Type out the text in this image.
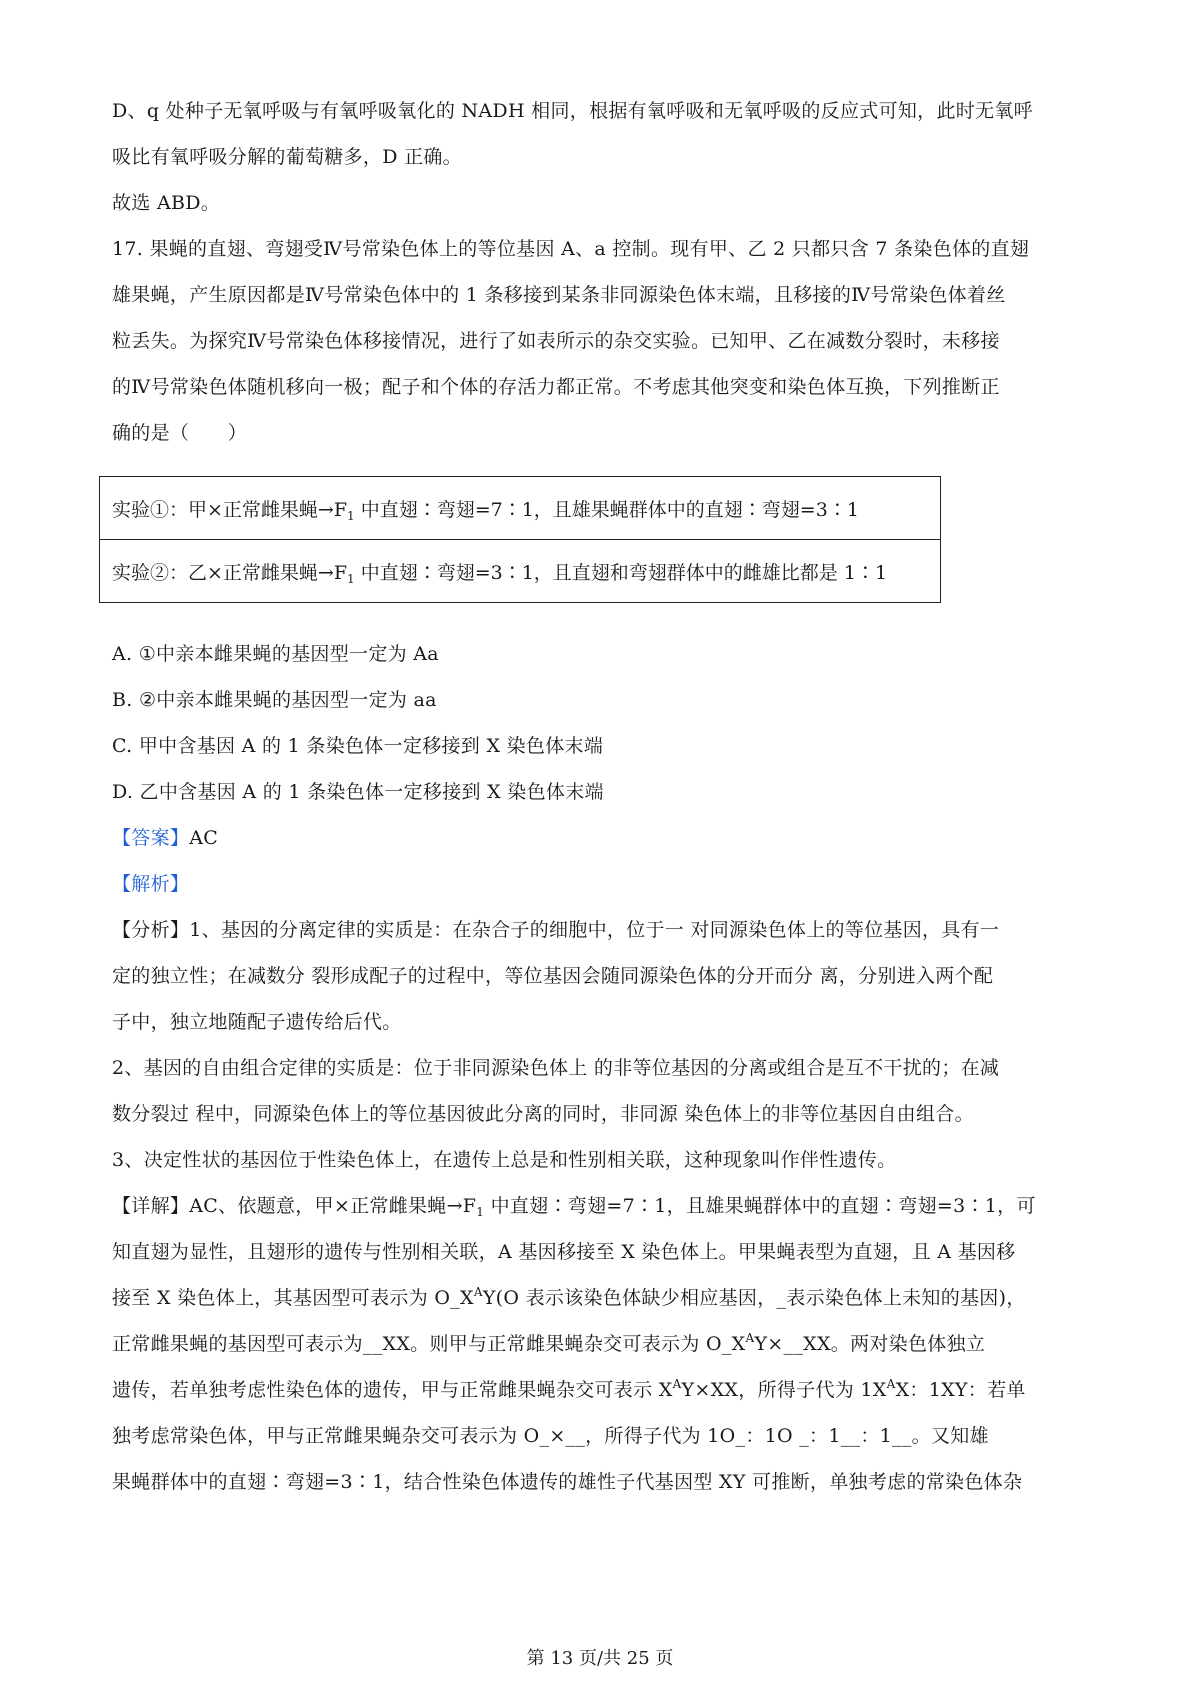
D、q 处种子无氧呼吸与有氧呼吸氧化的 NADH 相同，根据有氧呼吸和无氧呼吸的反应式可知，此时无氧呼

吸比有氧呼吸分解的葡萄糖多，D 正确。

故选 ABD。

17. 果蝇的直翅、弯翅受Ⅳ号常染色体上的等位基因 A、a 控制。现有甲、乙 2 只都只含 7 条染色体的直翅

雄果蝇，产生原因都是Ⅳ号常染色体中的 1 条移接到某条非同源染色体末端，且移接的Ⅳ号常染色体着丝

粒丢失。为探究Ⅳ号常染色体移接情况，进行了如表所示的杂交实验。已知甲、乙在减数分裂时，未移接

的Ⅳ号常染色体随机移向一极；配子和个体的存活力都正常。不考虑其他突变和染色体互换，下列推断正

确的是（　　）

实验①：甲×正常雌果蝇$\to F_1$ 中直翅∶弯翅=7∶1，且雄果蝇群体中的直翅∶弯翅=3∶1
实验②：乙×正常雌果蝇$\to F_1$ 中直翅∶弯翅=3∶1，且直翅和弯翅群体中的雌雄比都是 1∶1

A. ①中亲本雌果蝇的基因型一定为 Aa

B. ②中亲本雌果蝇的基因型一定为 aa

C. 甲中含基因 A 的 1 条染色体一定移接到 X 染色体末端

D. 乙中含基因 A 的 1 条染色体一定移接到 X 染色体末端

【答案】AC

【解析】

【分析】1、基因的分离定律的实质是：在杂合子的细胞中，位于一 对同源染色体上的等位基因，具有一

定的独立性；在减数分 裂形成配子的过程中，等位基因会随同源染色体的分开而分 离，分别进入两个配

子中，独立地随配子遗传给后代。

2、基因的自由组合定律的实质是：位于非同源染色体上 的非等位基因的分离或组合是互不干扰的；在减

数分裂过 程中，同源染色体上的等位基因彼此分离的同时，非同源 染色体上的非等位基因自由组合。

3、决定性状的基因位于性染色体上，在遗传上总是和性别相关联，这种现象叫作伴性遗传。

【详解】AC、依题意，甲×正常雌果蝇$\to F_1$ 中直翅∶弯翅=7∶1，且雄果蝇群体中的直翅∶弯翅=3∶1，可

知直翅为显性，且翅形的遗传与性别相关联，A 基因移接至 X 染色体上。甲果蝇表型为直翅，且 A 基因移

接至 X 染色体上，其基因型可表示为 $O\_X^AY(O$ 表示该染色体缺少相应基因，_表示染色体上未知的基因)，

正常雌果蝇的基因型可表示为__XX。则甲与正常雌果蝇杂交可表示为 $O\_X^AY\times\_\_XX$。两对染色体独立

遗传，若单独考虑性染色体的遗传，甲与正常雌果蝇杂交可表示 $X^AY\times XX$，所得子代为 $1X^AX$：1XY：若单

独考虑常染色体，甲与正常雌果蝇杂交可表示为 O_×__，所得子代为 1O_：1O _：1__：1__。又知雄

果蝇群体中的直翅∶弯翅=3∶1，结合性染色体遗传的雄性子代基因型 XY 可推断，单独考虑的常染色体杂

第 13 页/共 25 页
